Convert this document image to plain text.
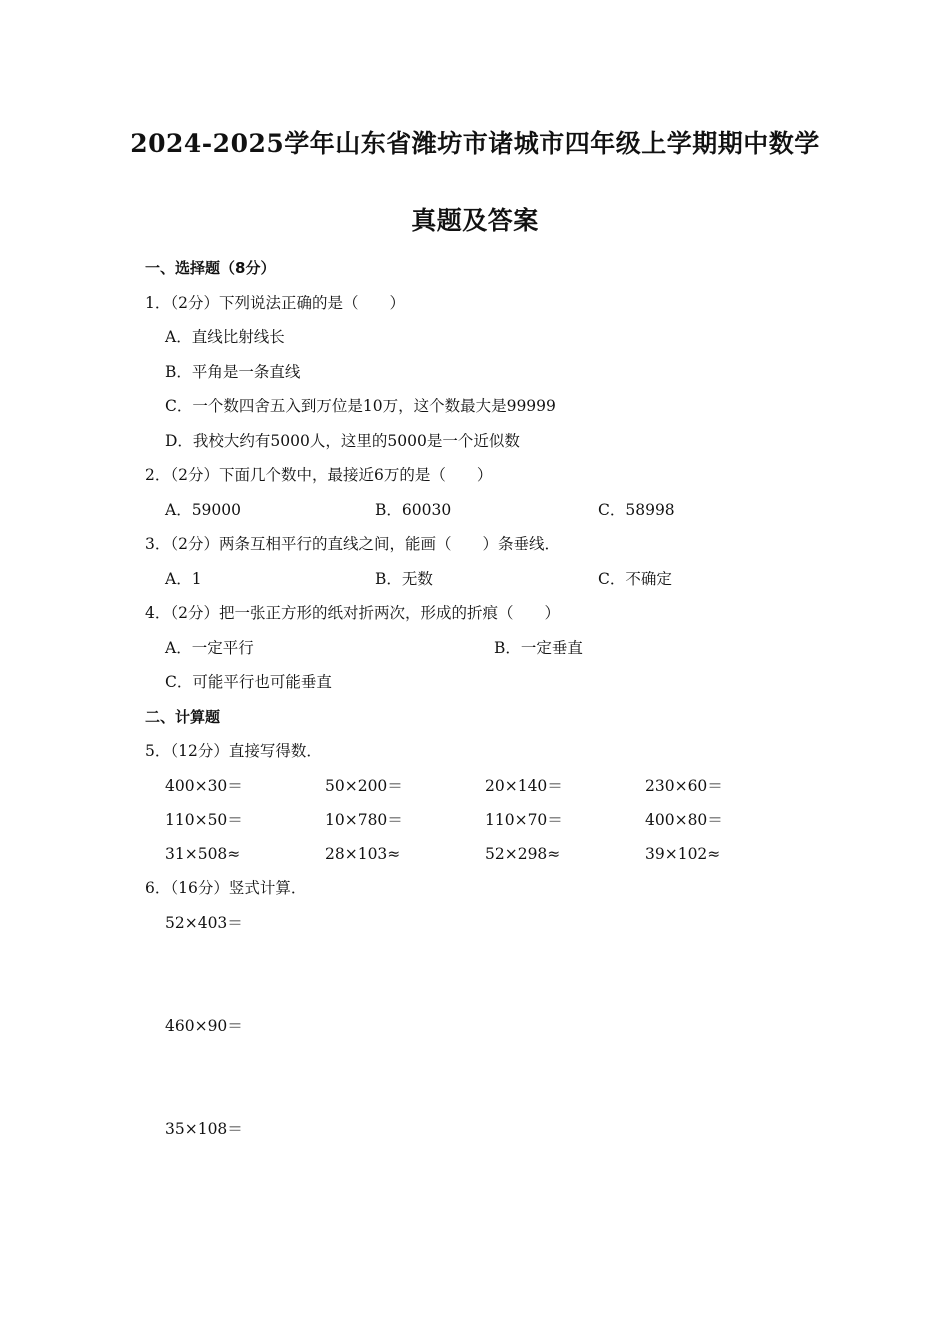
2024-2025学年山东省潍坊市诸城市四年级上学期期中数学
真题及答案
一、选择题（8分）
1．（2分）下列说法正确的是（　　）
A．直线比射线长
B．平角是一条直线
C．一个数四舍五入到万位是10万，这个数最大是99999
D．我校大约有5000人，这里的5000是一个近似数
2．（2分）下面几个数中，最接近6万的是（　　）
A．59000	B．60030	C．58998
3．（2分）两条互相平行的直线之间，能画（　　）条垂线．
A．1	B．无数	C．不确定
4．（2分）把一张正方形的纸对折两次，形成的折痕（　　）
A．一定平行	B．一定垂直
C．可能平行也可能垂直
二、计算题
5．（12分）直接写得数．
400×30＝	50×200＝	20×140＝	230×60＝
110×50＝	10×780＝	110×70＝	400×80＝
31×508≈	28×103≈	52×298≈	39×102≈
6．（16分）竖式计算．
52×403＝
460×90＝
35×108＝
